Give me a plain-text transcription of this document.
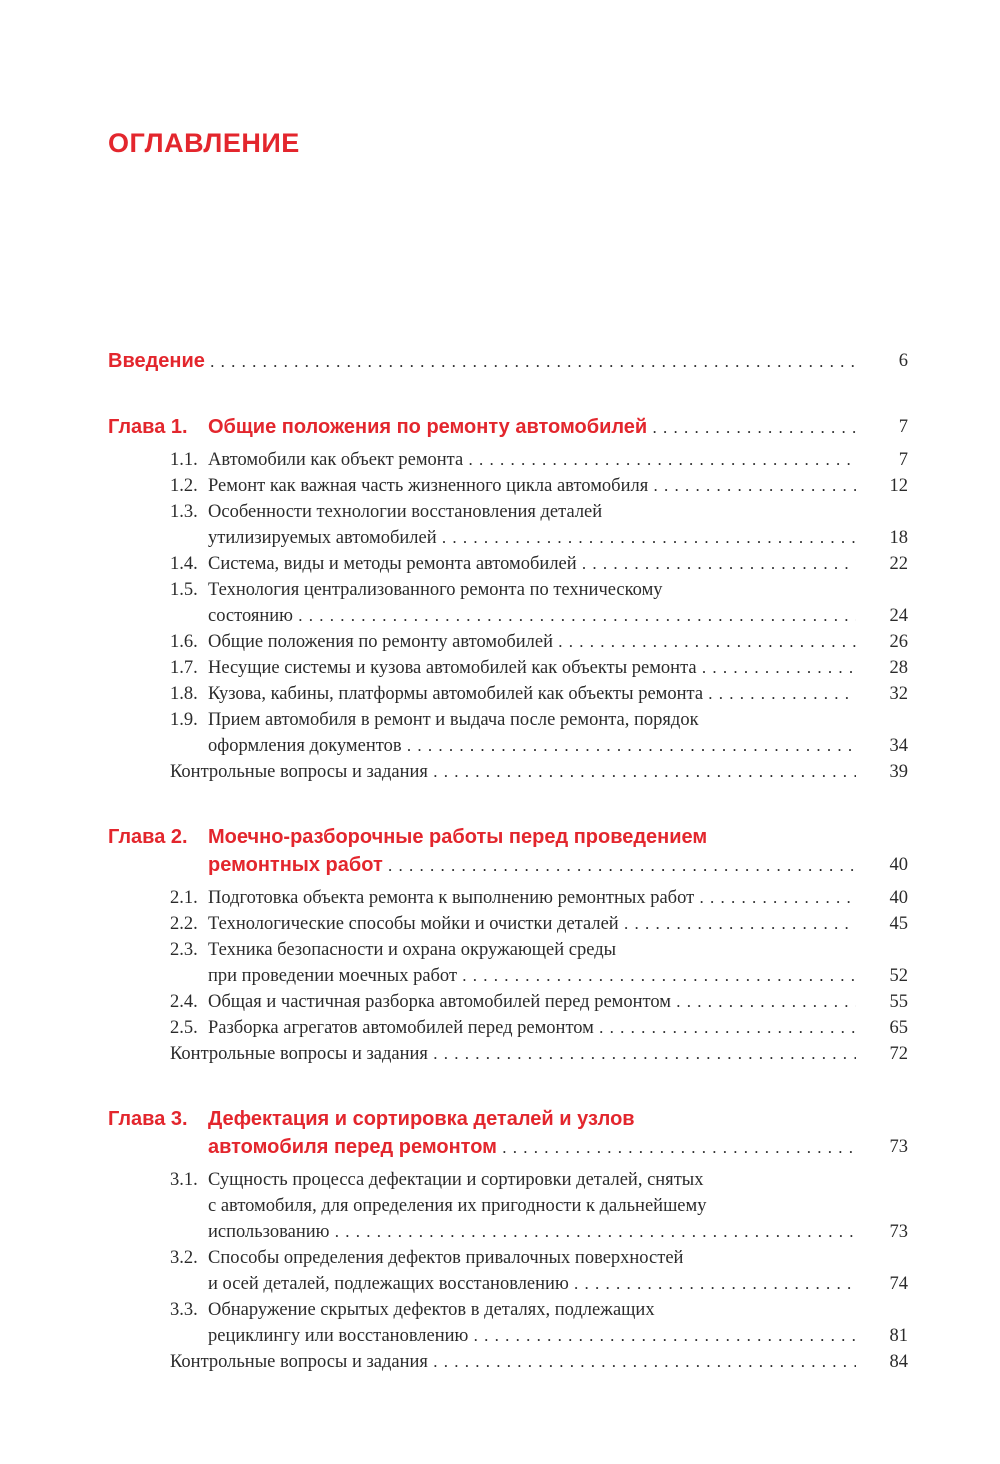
ОГЛАВЛЕНИЕ
Введение . . .	6
Глава 1. Общие положения по ремонту автомобилей . . .	7
1.1. Автомобили как объект ремонта . . .	7
1.2. Ремонт как важная часть жизненного цикла автомобиля . . .	12
1.3. Особенности технологии восстановления деталей
утилизируемых автомобилей . . .	18
1.4. Система, виды и методы ремонта автомобилей . . .	22
1.5. Технология централизованного ремонта по техническому
состоянию . . .	24
1.6. Общие положения по ремонту автомобилей . . .	26
1.7. Несущие системы и кузова автомобилей как объекты ремонта . . .	28
1.8. Кузова, кабины, платформы автомобилей как объекты ремонта . . .	32
1.9. Прием автомобиля в ремонт и выдача после ремонта, порядок
оформления документов . . .	34
Контрольные вопросы и задания . . .	39
Глава 2. Моечно-разборочные работы перед проведением
ремонтных работ . . .	40
2.1. Подготовка объекта ремонта к выполнению ремонтных работ . . .	40
2.2. Технологические способы мойки и очистки деталей . . .	45
2.3. Техника безопасности и охрана окружающей среды
при проведении моечных работ . . .	52
2.4. Общая и частичная разборка автомобилей перед ремонтом . . .	55
2.5. Разборка агрегатов автомобилей перед ремонтом . . .	65
Контрольные вопросы и задания . . .	72
Глава 3. Дефектация и сортировка деталей и узлов
автомобиля перед ремонтом . . .	73
3.1. Сущность процесса дефектации и сортировки деталей, снятых
с автомобиля, для определения их пригодности к дальнейшему
использованию . . .	73
3.2. Способы определения дефектов привалочных поверхностей
и осей деталей, подлежащих восстановлению . . .	74
3.3. Обнаружение скрытых дефектов в деталях, подлежащих
рециклингу или восстановлению . . .	81
Контрольные вопросы и задания . . .	84
